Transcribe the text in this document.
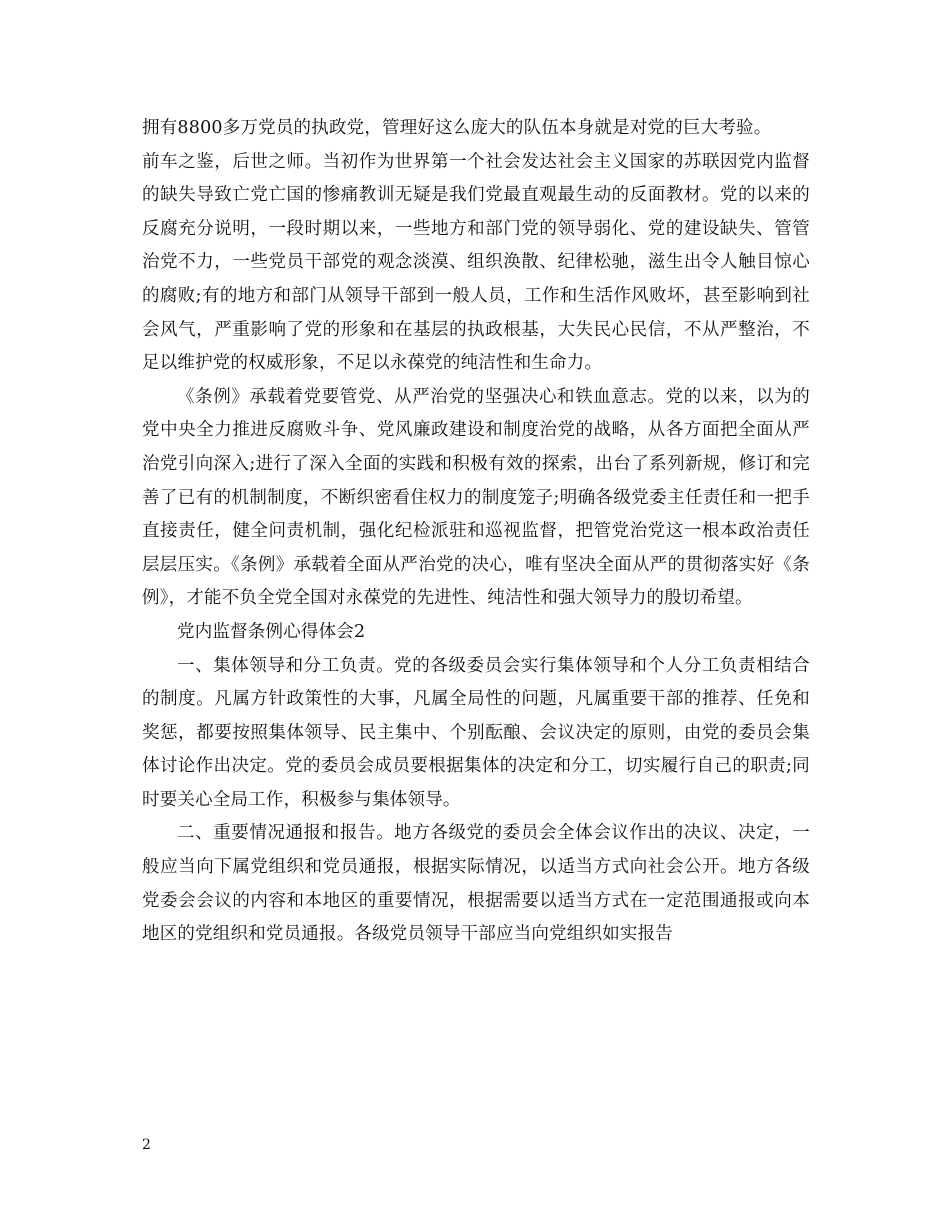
拥有8800多万党员的执政党，管理好这么庞大的队伍本身就是对党的巨大考验。

前车之鉴，后世之师。当初作为世界第一个社会发达社会主义国家的苏联因党内监督的缺失导致亡党亡国的惨痛教训无疑是我们党最直观最生动的反面教材。党的以来的反腐充分说明，一段时期以来，一些地方和部门党的领导弱化、党的建设缺失、管管治党不力，一些党员干部党的观念淡漠、组织涣散、纪律松驰，滋生出令人触目惊心的腐败;有的地方和部门从领导干部到一般人员，工作和生活作风败坏，甚至影响到社会风气，严重影响了党的形象和在基层的执政根基，大失民心民信，不从严整治，不足以维护党的权威形象，不足以永葆党的纯洁性和生命力。

《条例》承载着党要管党、从严治党的坚强决心和铁血意志。党的以来，以为的党中央全力推进反腐败斗争、党风廉政建设和制度治党的战略，从各方面把全面从严治党引向深入;进行了深入全面的实践和积极有效的探索，出台了系列新规，修订和完善了已有的机制制度，不断织密看住权力的制度笼子;明确各级党委主任责任和一把手直接责任，健全问责机制，强化纪检派驻和巡视监督，把管党治党这一根本政治责任层层压实。《条例》承载着全面从严治党的决心，唯有坚决全面从严的贯彻落实好《条例》，才能不负全党全国对永葆党的先进性、纯洁性和强大领导力的殷切希望。

党内监督条例心得体会2

一、集体领导和分工负责。党的各级委员会实行集体领导和个人分工负责相结合的制度。凡属方针政策性的大事，凡属全局性的问题，凡属重要干部的推荐、任免和奖惩，都要按照集体领导、民主集中、个别酝酿、会议决定的原则，由党的委员会集体讨论作出决定。党的委员会成员要根据集体的决定和分工，切实履行自己的职责;同时要关心全局工作，积极参与集体领导。

二、重要情况通报和报告。地方各级党的委员会全体会议作出的决议、决定，一般应当向下属党组织和党员通报，根据实际情况，以适当方式向社会公开。地方各级党委会会议的内容和本地区的重要情况，根据需要以适当方式在一定范围通报或向本地区的党组织和党员通报。各级党员领导干部应当向党组织如实报告

2
